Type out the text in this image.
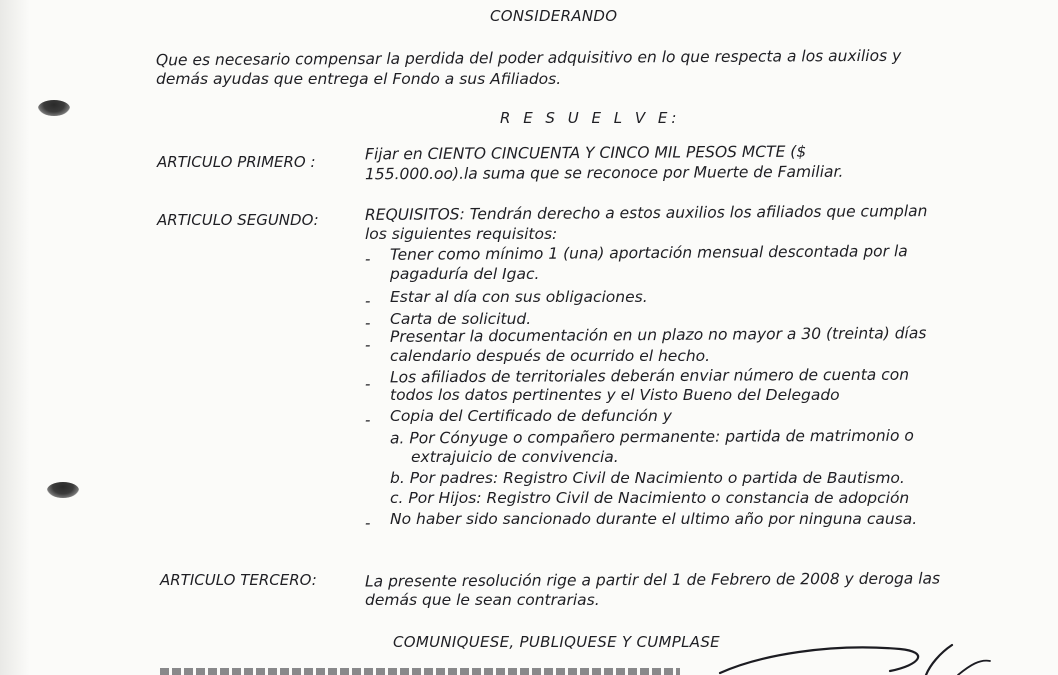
CONSIDERANDO
Que es necesario compensar la perdida del poder adquisitivo en lo que respecta a los auxilios y
demás ayudas que entrega el Fondo a sus Afiliados.
R E S U E L V E:
ARTICULO PRIMERO :	Fijar en CIENTO CINCUENTA Y CINCO MIL PESOS MCTE ($
155.000.oo).la suma que se reconoce por Muerte de Familiar.
ARTICULO SEGUNDO:	REQUISITOS: Tendrán derecho a estos auxilios los afiliados que cumplan
los siguientes requisitos:
- Tener como mínimo 1 (una) aportación mensual descontada por la
pagaduría del Igac.
- Estar al día con sus obligaciones.
- Carta de solicitud.
- Presentar la documentación en un plazo no mayor a 30 (treinta) días
calendario después de ocurrido el hecho.
- Los afiliados de territoriales deberán enviar número de cuenta con
todos los datos pertinentes y el Visto Bueno del Delegado
- Copia del Certificado de defunción y
a. Por Cónyuge o compañero permanente: partida de matrimonio o
extrajuicio de convivencia.
b. Por padres: Registro Civil de Nacimiento o partida de Bautismo.
c. Por Hijos: Registro Civil de Nacimiento o constancia de adopción
- No haber sido sancionado durante el ultimo año por ninguna causa.
ARTICULO TERCERO:	La presente resolución rige a partir del 1 de Febrero de 2008 y deroga las
demás que le sean contrarias.
COMUNIQUESE, PUBLIQUESE Y CUMPLASE
